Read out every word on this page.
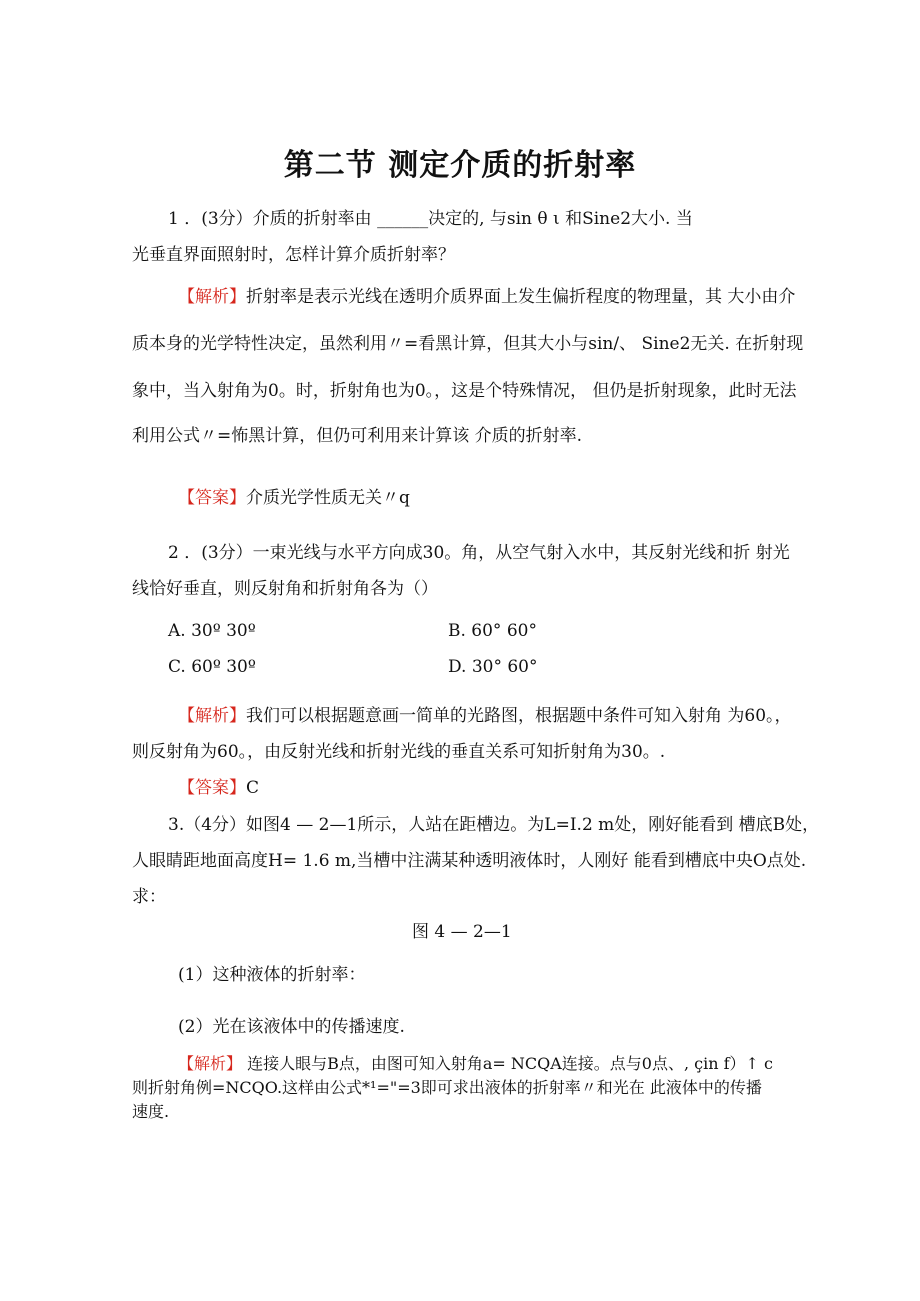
第二节 测定介质的折射率
1 ．(3分）介质的折射率由 ______决定的, 与sin θ ι 和Sine2大小. 当
光垂直界面照射时，怎样计算介质折射率？
【解析】折射率是表示光线在透明介质界面上发生偏折程度的物理量，其 大小由介
质本身的光学特性决定，虽然利用〃=看黑计算，但其大小与sin/、 Sine2无关. 在折射现
象中，当入射角为0。时，折射角也为0。，这是个特殊情况， 但仍是折射现象，此时无法
利用公式〃=怖黑计算，但仍可利用来计算该 介质的折射率.
【答案】介质光学性质无关〃q
2 ．(3分）一束光线与水平方向成30。角，从空气射入水中，其反射光线和折 射光
线恰好垂直，则反射角和折射角各为（）
A. 30º 30º	B. 60° 60°
C. 60º 30º	D. 30° 60°
【解析】我们可以根据题意画一简单的光路图，根据题中条件可知入射角 为60。，
则反射角为60。，由反射光线和折射光线的垂直关系可知折射角为30。.
【答案】C
3.（4分）如图4 — 2—1所示，人站在距槽边。为L=I.2 m处，刚好能看到 槽底B处，
人眼睛距地面高度H= 1.6 m,当槽中注满某种透明液体时，人刚好 能看到槽底中央O点处.
求：
图 4 — 2—1
(1）这种液体的折射率：
(2）光在该液体中的传播速度.
【解析】 连接人眼与B点，由图可知入射角a= NCQA连接。点与0点、, çin f）↑ c
则折射角例=NCQO.这样由公式*¹="=3即可求出液体的折射率〃和光在 此液体中的传播
速度.
